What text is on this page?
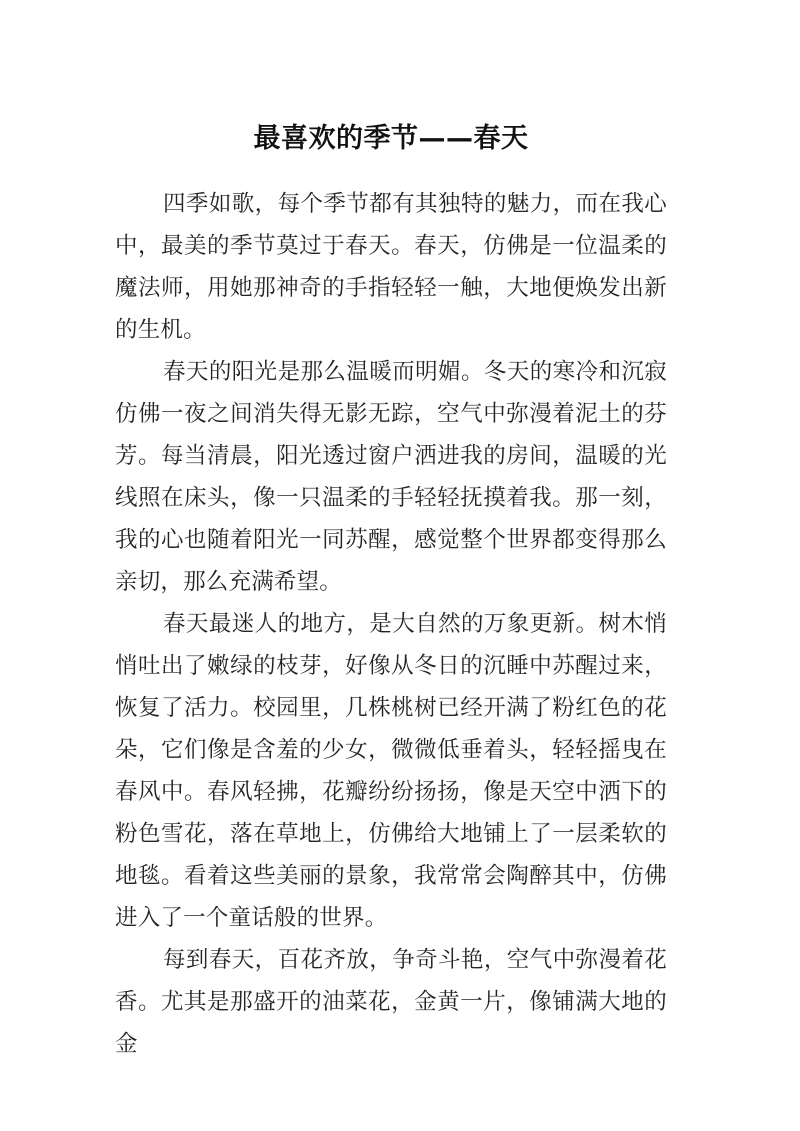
最喜欢的季节——春天

四季如歌，每个季节都有其独特的魅力，而在我心中，最美的季节莫过于春天。春天，仿佛是一位温柔的魔法师，用她那神奇的手指轻轻一触，大地便焕发出新的生机。

春天的阳光是那么温暖而明媚。冬天的寒冷和沉寂仿佛一夜之间消失得无影无踪，空气中弥漫着泥土的芬芳。每当清晨，阳光透过窗户洒进我的房间，温暖的光线照在床头，像一只温柔的手轻轻抚摸着我。那一刻，我的心也随着阳光一同苏醒，感觉整个世界都变得那么亲切，那么充满希望。

春天最迷人的地方，是大自然的万象更新。树木悄悄吐出了嫩绿的枝芽，好像从冬日的沉睡中苏醒过来，恢复了活力。校园里，几株桃树已经开满了粉红色的花朵，它们像是含羞的少女，微微低垂着头，轻轻摇曳在春风中。春风轻拂，花瓣纷纷扬扬，像是天空中洒下的粉色雪花，落在草地上，仿佛给大地铺上了一层柔软的地毯。看着这些美丽的景象，我常常会陶醉其中，仿佛进入了一个童话般的世界。

每到春天，百花齐放，争奇斗艳，空气中弥漫着花香。尤其是那盛开的油菜花，金黄一片，像铺满大地的金
